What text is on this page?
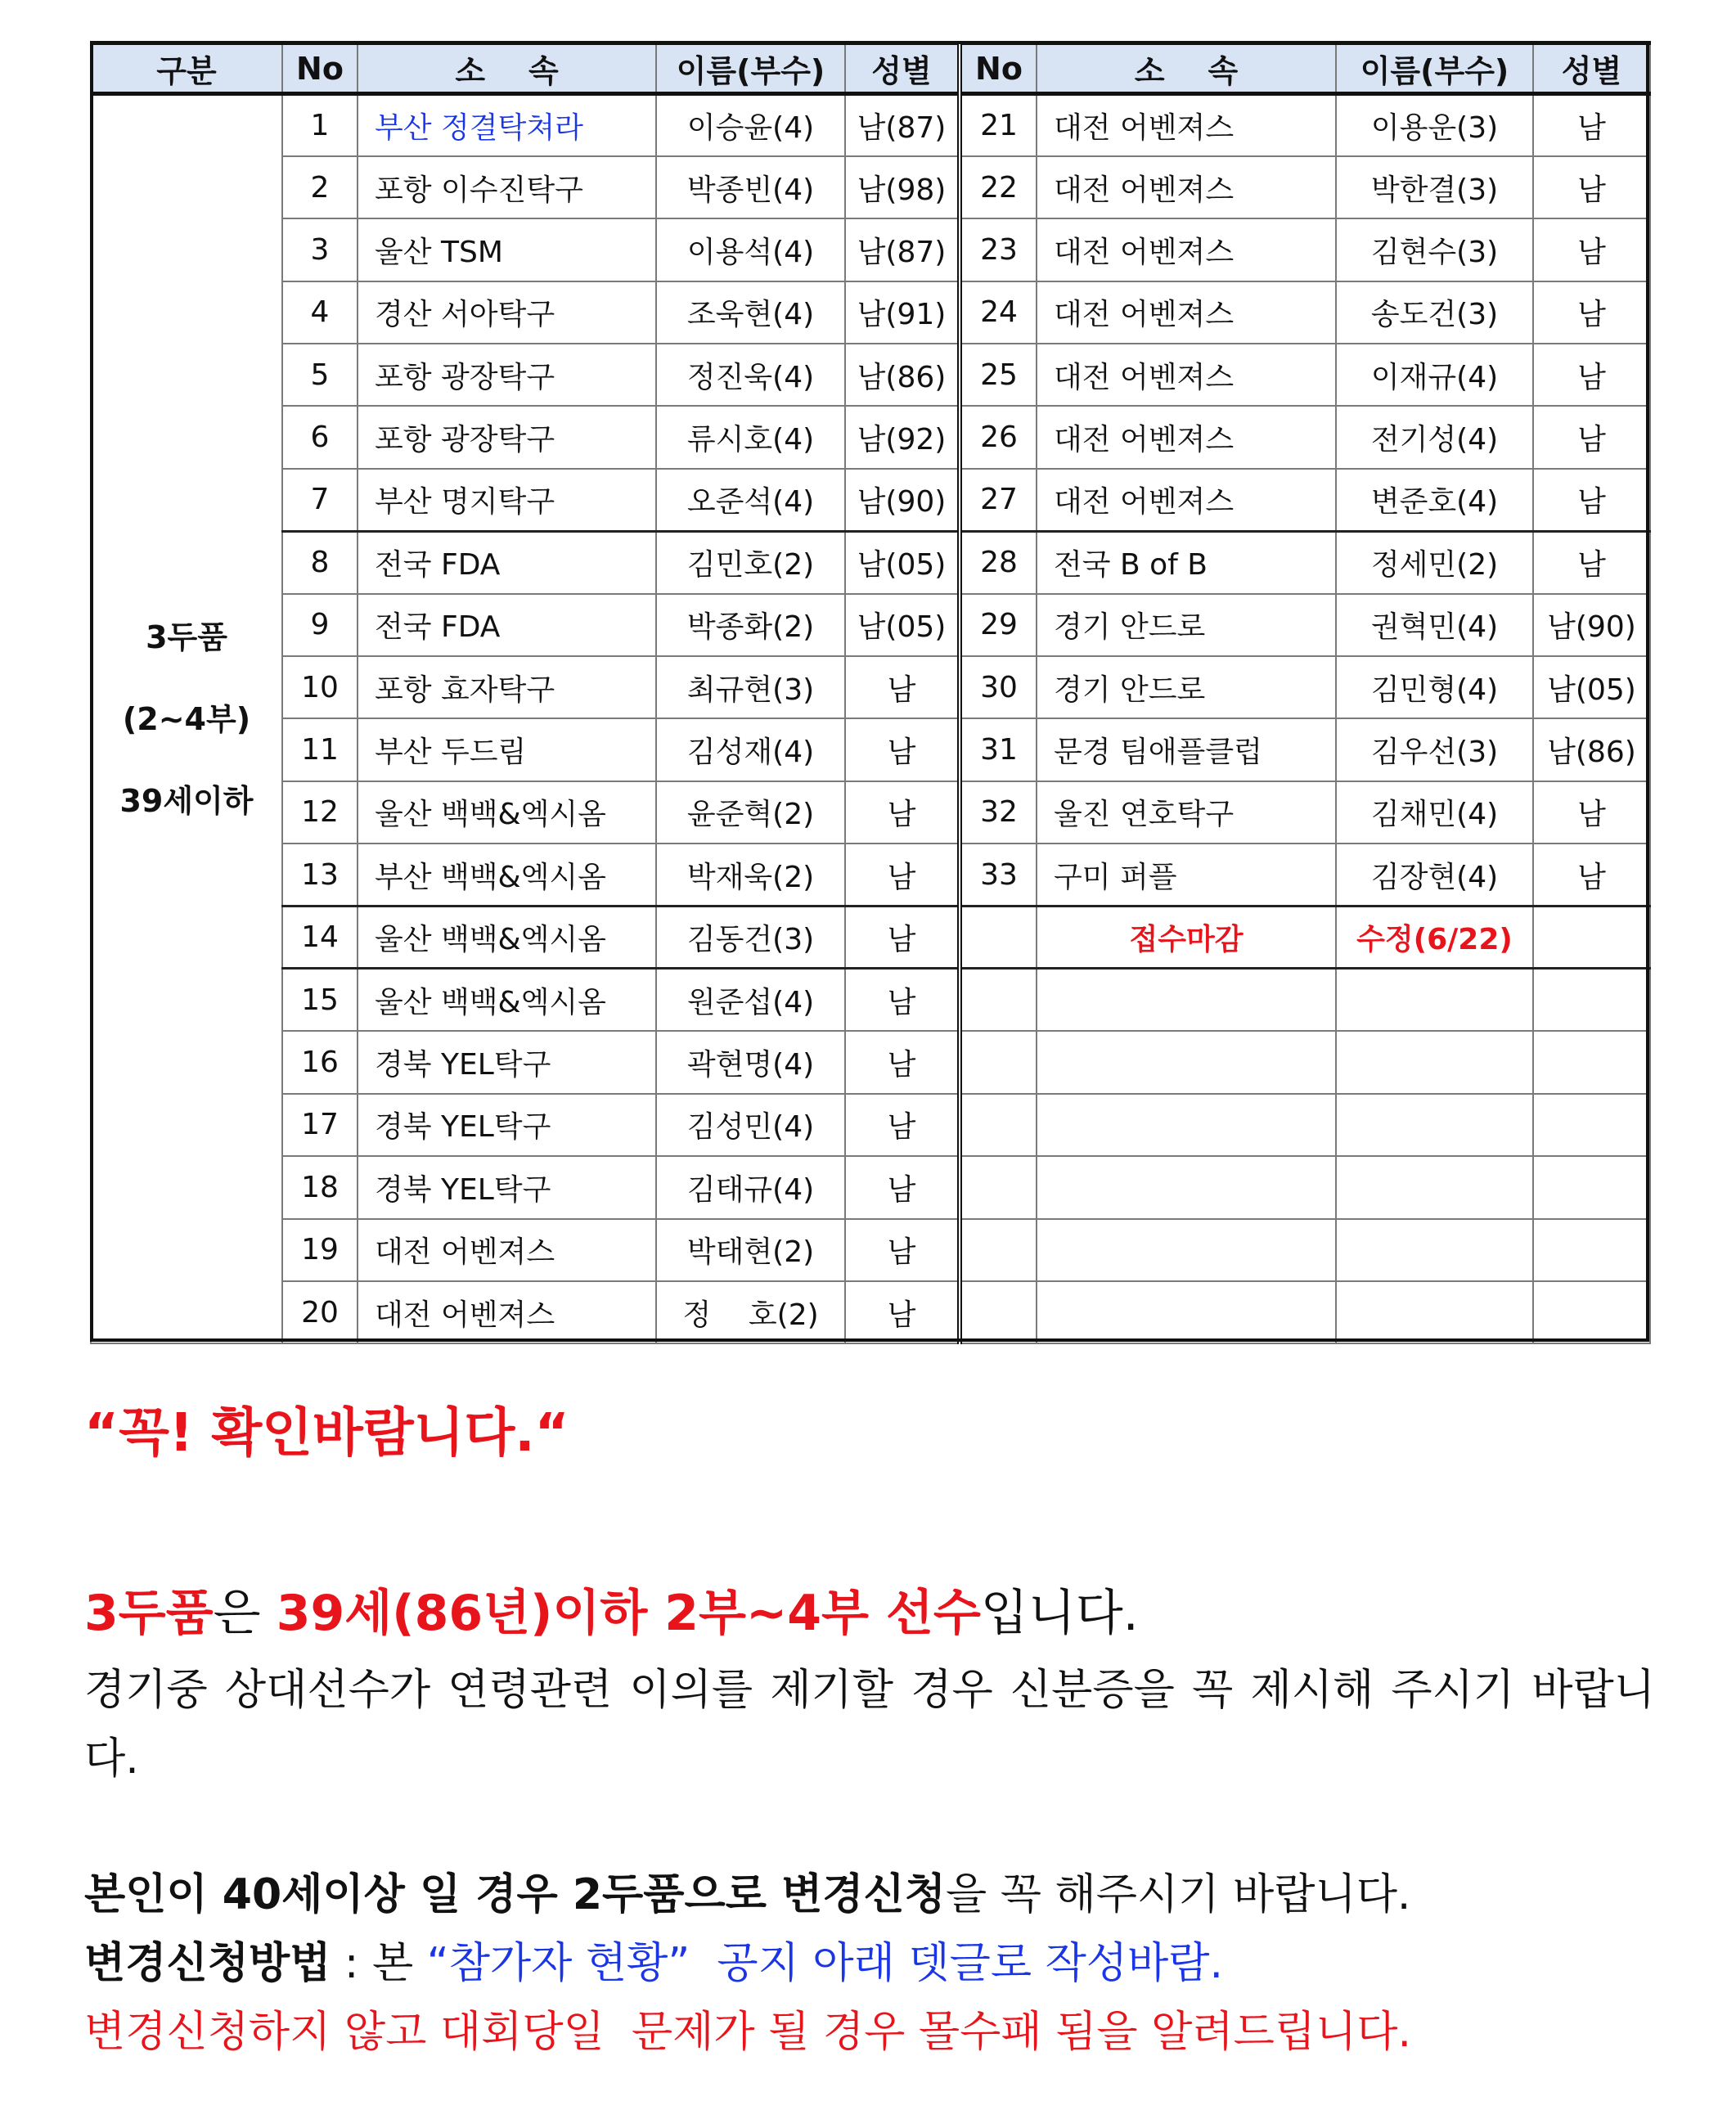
구분	No	소    속	이름(부수)	성별	No	소    속	이름(부수)	성별

3두품
(2~4부)
39세이하	1	부산 정결탁쳐라	이승윤(4)	남(87)	21	대전 어벤져스	이용운(3)	남
	2	포항 이수진탁구	박종빈(4)	남(98)	22	대전 어벤져스	박한결(3)	남
	3	울산 TSM	이용석(4)	남(87)	23	대전 어벤져스	김현수(3)	남
	4	경산 서아탁구	조욱현(4)	남(91)	24	대전 어벤져스	송도건(3)	남
	5	포항 광장탁구	정진욱(4)	남(86)	25	대전 어벤져스	이재규(4)	남
	6	포항 광장탁구	류시호(4)	남(92)	26	대전 어벤져스	전기성(4)	남
	7	부산 명지탁구	오준석(4)	남(90)	27	대전 어벤져스	변준호(4)	남
	8	전국 FDA	김민호(2)	남(05)	28	전국 B of B	정세민(2)	남
	9	전국 FDA	박종화(2)	남(05)	29	경기 안드로	권혁민(4)	남(90)
	10	포항 효자탁구	최규현(3)	남	30	경기 안드로	김민형(4)	남(05)
	11	부산 두드림	김성재(4)	남	31	문경 팀애플클럽	김우선(3)	남(86)
	12	울산 백백&엑시옴	윤준혁(2)	남	32	울진 연호탁구	김채민(4)	남
	13	부산 백백&엑시옴	박재욱(2)	남	33	구미 퍼플	김장현(4)	남
	14	울산 백백&엑시옴	김동건(3)	남		접수마감	수정(6/22)	
	15	울산 백백&엑시옴	원준섭(4)	남				
	16	경북 YEL탁구	곽현명(4)	남				
	17	경북 YEL탁구	김성민(4)	남				
	18	경북 YEL탁구	김태규(4)	남				
	19	대전 어벤져스	박태현(2)	남				
	20	대전 어벤져스	정    호(2)	남				

“꼭! 확인바람니다.“

3두품은 39세(86년)이하 2부~4부 선수입니다.

경기중 상대선수가 연령관련 이의를 제기할 경우 신분증을 꼭 제시해 주시기 바랍니다.

본인이 40세이상 일 경우 2두품으로 변경신청을 꼭 해주시기 바랍니다.

변경신청방법 : 본 “참가자 현황”  공지 아래 뎃글로 작성바람.

변경신청하지 않고 대회당일  문제가 될 경우 몰수패 됨을 알려드립니다.
